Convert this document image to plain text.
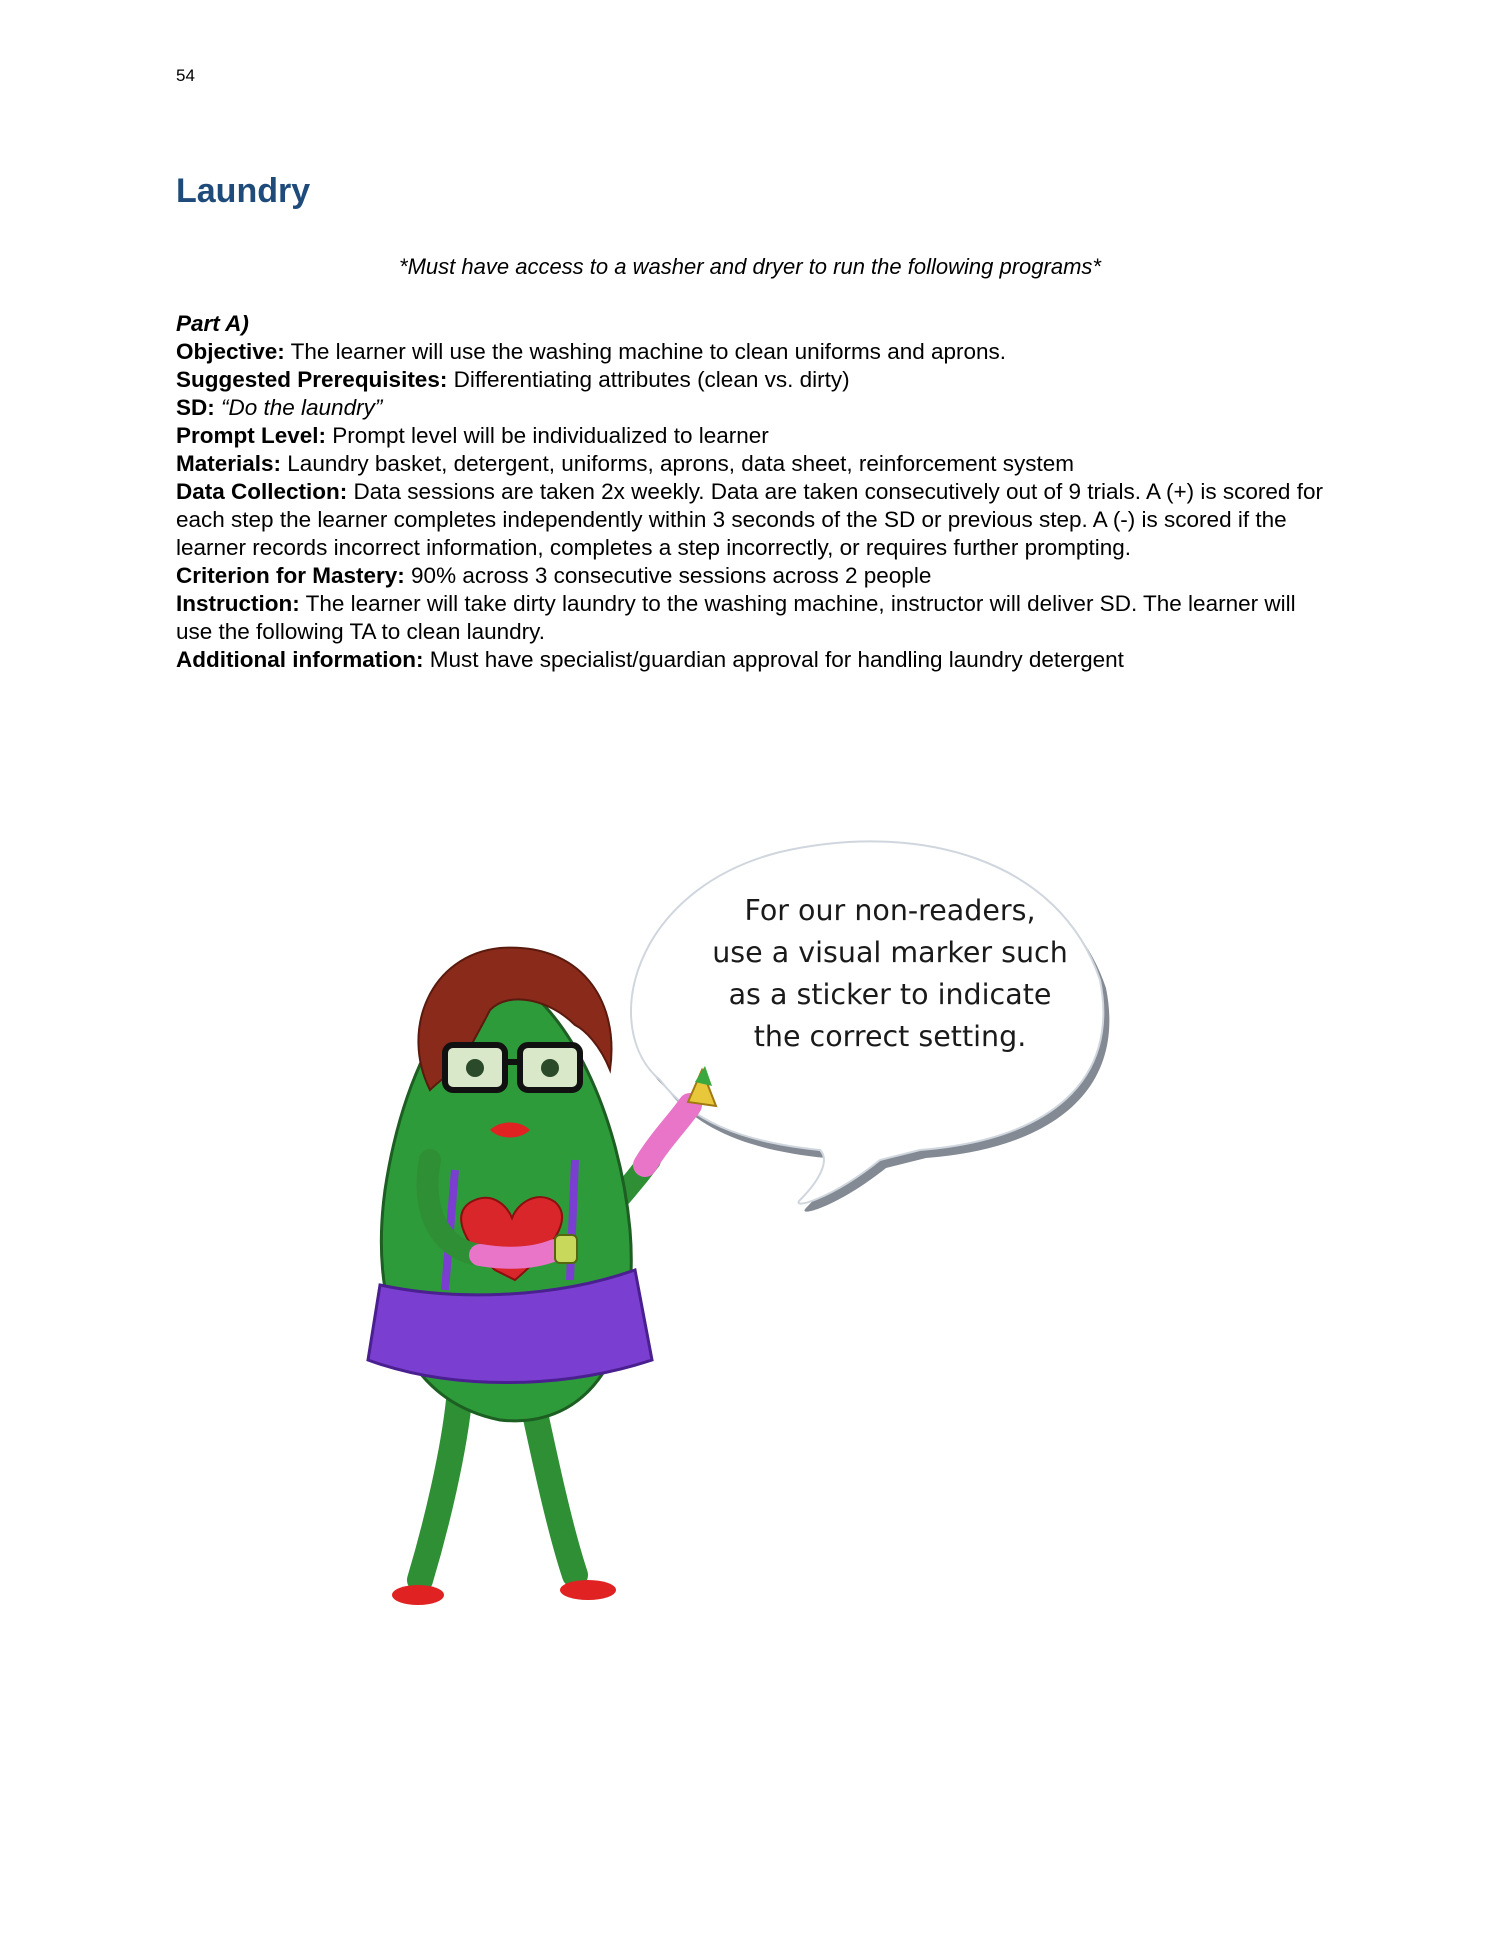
54
Laundry
*Must have access to a washer and dryer to run the following programs*

Part A)

Objective: The learner will use the washing machine to clean uniforms and aprons.

Suggested Prerequisites: Differentiating attributes (clean vs. dirty)

SD: “Do the laundry”

Prompt Level: Prompt level will be individualized to learner

Materials: Laundry basket, detergent, uniforms, aprons, data sheet, reinforcement system

Data Collection: Data sessions are taken 2x weekly. Data are taken consecutively out of 9 trials. A (+) is scored for each step the learner completes independently within 3 seconds of the SD or previous step. A (-) is scored if the learner records incorrect information, completes a step incorrectly, or requires further prompting.

Criterion for Mastery: 90% across 3 consecutive sessions across 2 people

Instruction: The learner will take dirty laundry to the washing machine, instructor will deliver SD. The learner will use the following TA to clean laundry.

Additional information: Must have specialist/guardian approval for handling laundry detergent

For our non-readers,
use a visual marker such
as a sticker to indicate
the correct setting.
